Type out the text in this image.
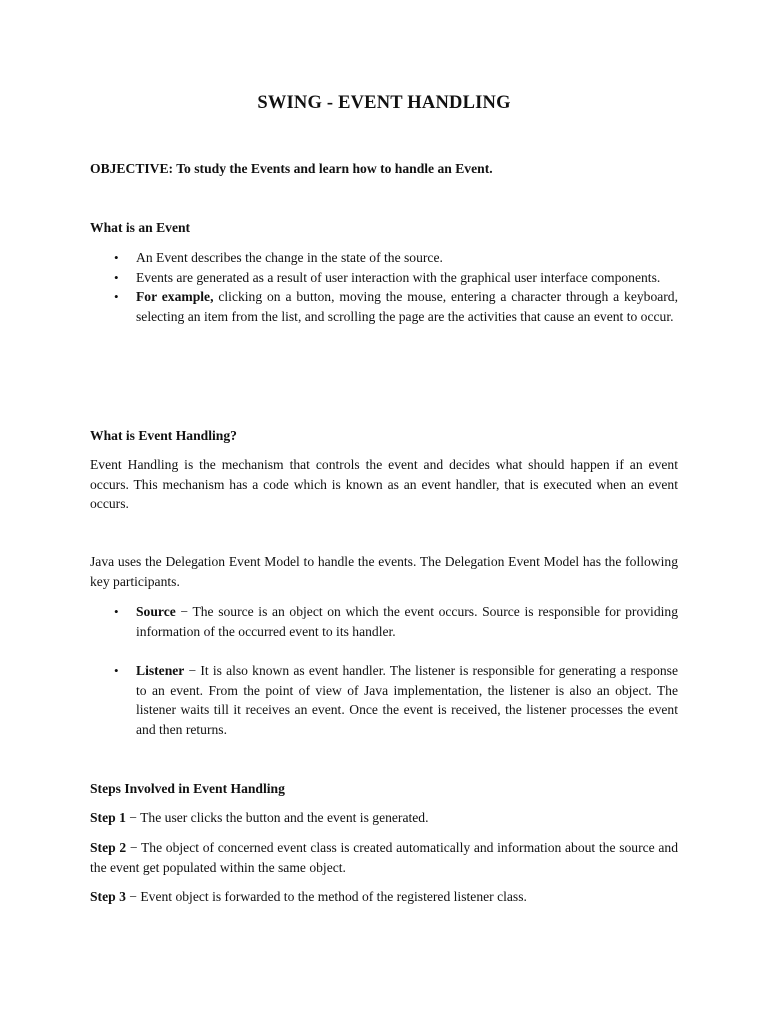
SWING - EVENT HANDLING
OBJECTIVE: To study the Events and learn how to handle an Event.
What is an Event
• An Event describes the change in the state of the source.
• Events are generated as a result of user interaction with the graphical user interface components.
• For example, clicking on a button, moving the mouse, entering a character through a keyboard, selecting an item from the list, and scrolling the page are the activities that cause an event to occur.
What is Event Handling?
Event Handling is the mechanism that controls the event and decides what should happen if an event occurs. This mechanism has a code which is known as an event handler, that is executed when an event occurs.
Java uses the Delegation Event Model to handle the events. The Delegation Event Model has the following key participants.
• Source − The source is an object on which the event occurs. Source is responsible for providing information of the occurred event to its handler.
• Listener − It is also known as event handler. The listener is responsible for generating a response to an event. From the point of view of Java implementation, the listener is also an object. The listener waits till it receives an event. Once the event is received, the listener processes the event and then returns.
Steps Involved in Event Handling
Step 1 − The user clicks the button and the event is generated.
Step 2 − The object of concerned event class is created automatically and information about the source and the event get populated within the same object.
Step 3 − Event object is forwarded to the method of the registered listener class.
